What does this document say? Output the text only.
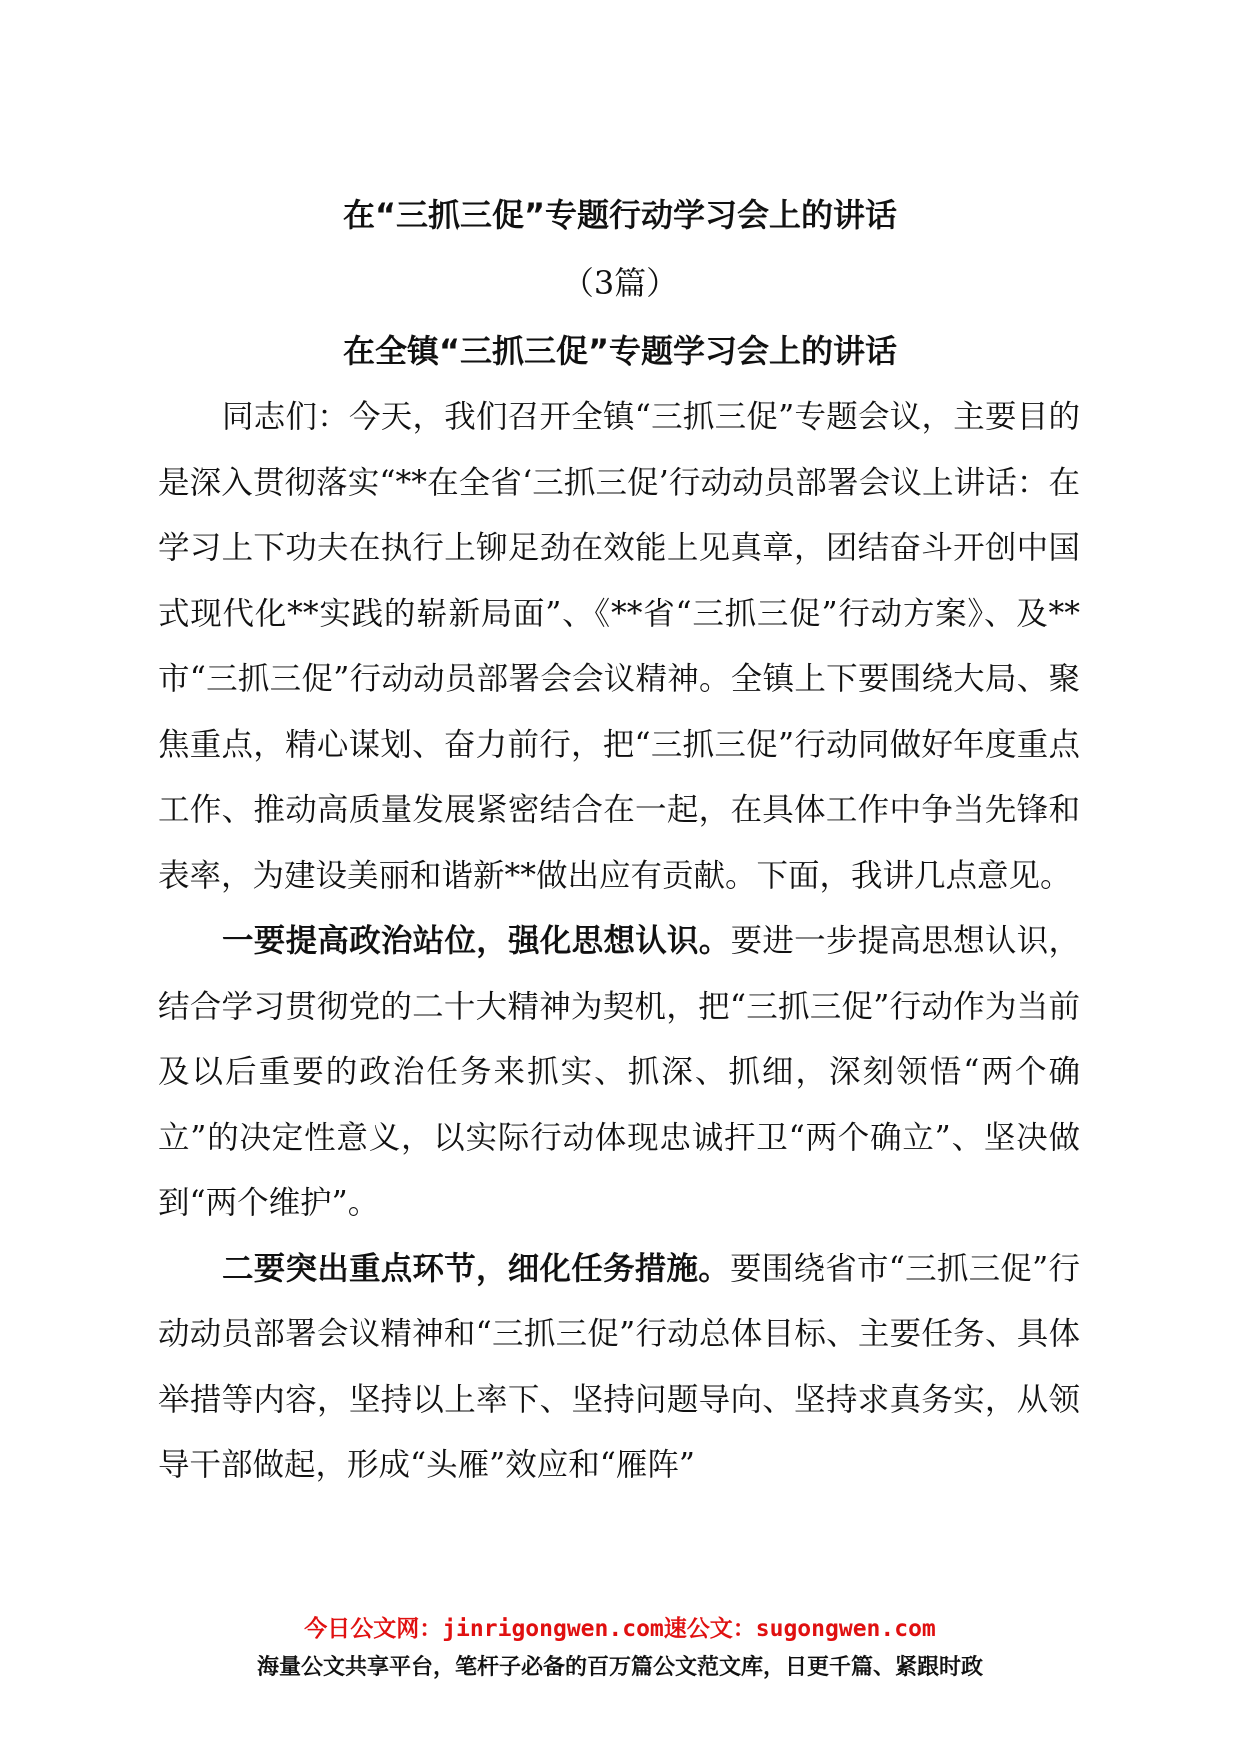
在“三抓三促”专题行动学习会上的讲话
（3篇）
在全镇“三抓三促”专题学习会上的讲话

同志们：今天，我们召开全镇“三抓三促”专题会议，主要目的是深入贯彻落实“**在全省‘三抓三促’行动动员部署会议上讲话：在学习上下功夫在执行上铆足劲在效能上见真章，团结奋斗开创中国式现代化**实践的崭新局面”、《**省“三抓三促”行动方案》、及**市“三抓三促”行动动员部署会会议精神。全镇上下要围绕大局、聚焦重点，精心谋划、奋力前行，把“三抓三促”行动同做好年度重点工作、推动高质量发展紧密结合在一起，在具体工作中争当先锋和表率，为建设美丽和谐新**做出应有贡献。下面，我讲几点意见。

一要提高政治站位，强化思想认识。要进一步提高思想认识，结合学习贯彻党的二十大精神为契机，把“三抓三促”行动作为当前及以后重要的政治任务来抓实、抓深、抓细，深刻领悟“两个确立”的决定性意义，以实际行动体现忠诚扞卫“两个确立”、坚决做到“两个维护”。

二要突出重点环节，细化任务措施。要围绕省市“三抓三促”行动动员部署会议精神和“三抓三促”行动总体目标、主要任务、具体举措等内容，坚持以上率下、坚持问题导向、坚持求真务实，从领导干部做起，形成“头雁”效应和“雁阵”

今日公文网：jinrigongwen.com速公文：sugongwen.com
海量公文共享平台，笔杆子必备的百万篇公文范文库，日更千篇、紧跟时政
